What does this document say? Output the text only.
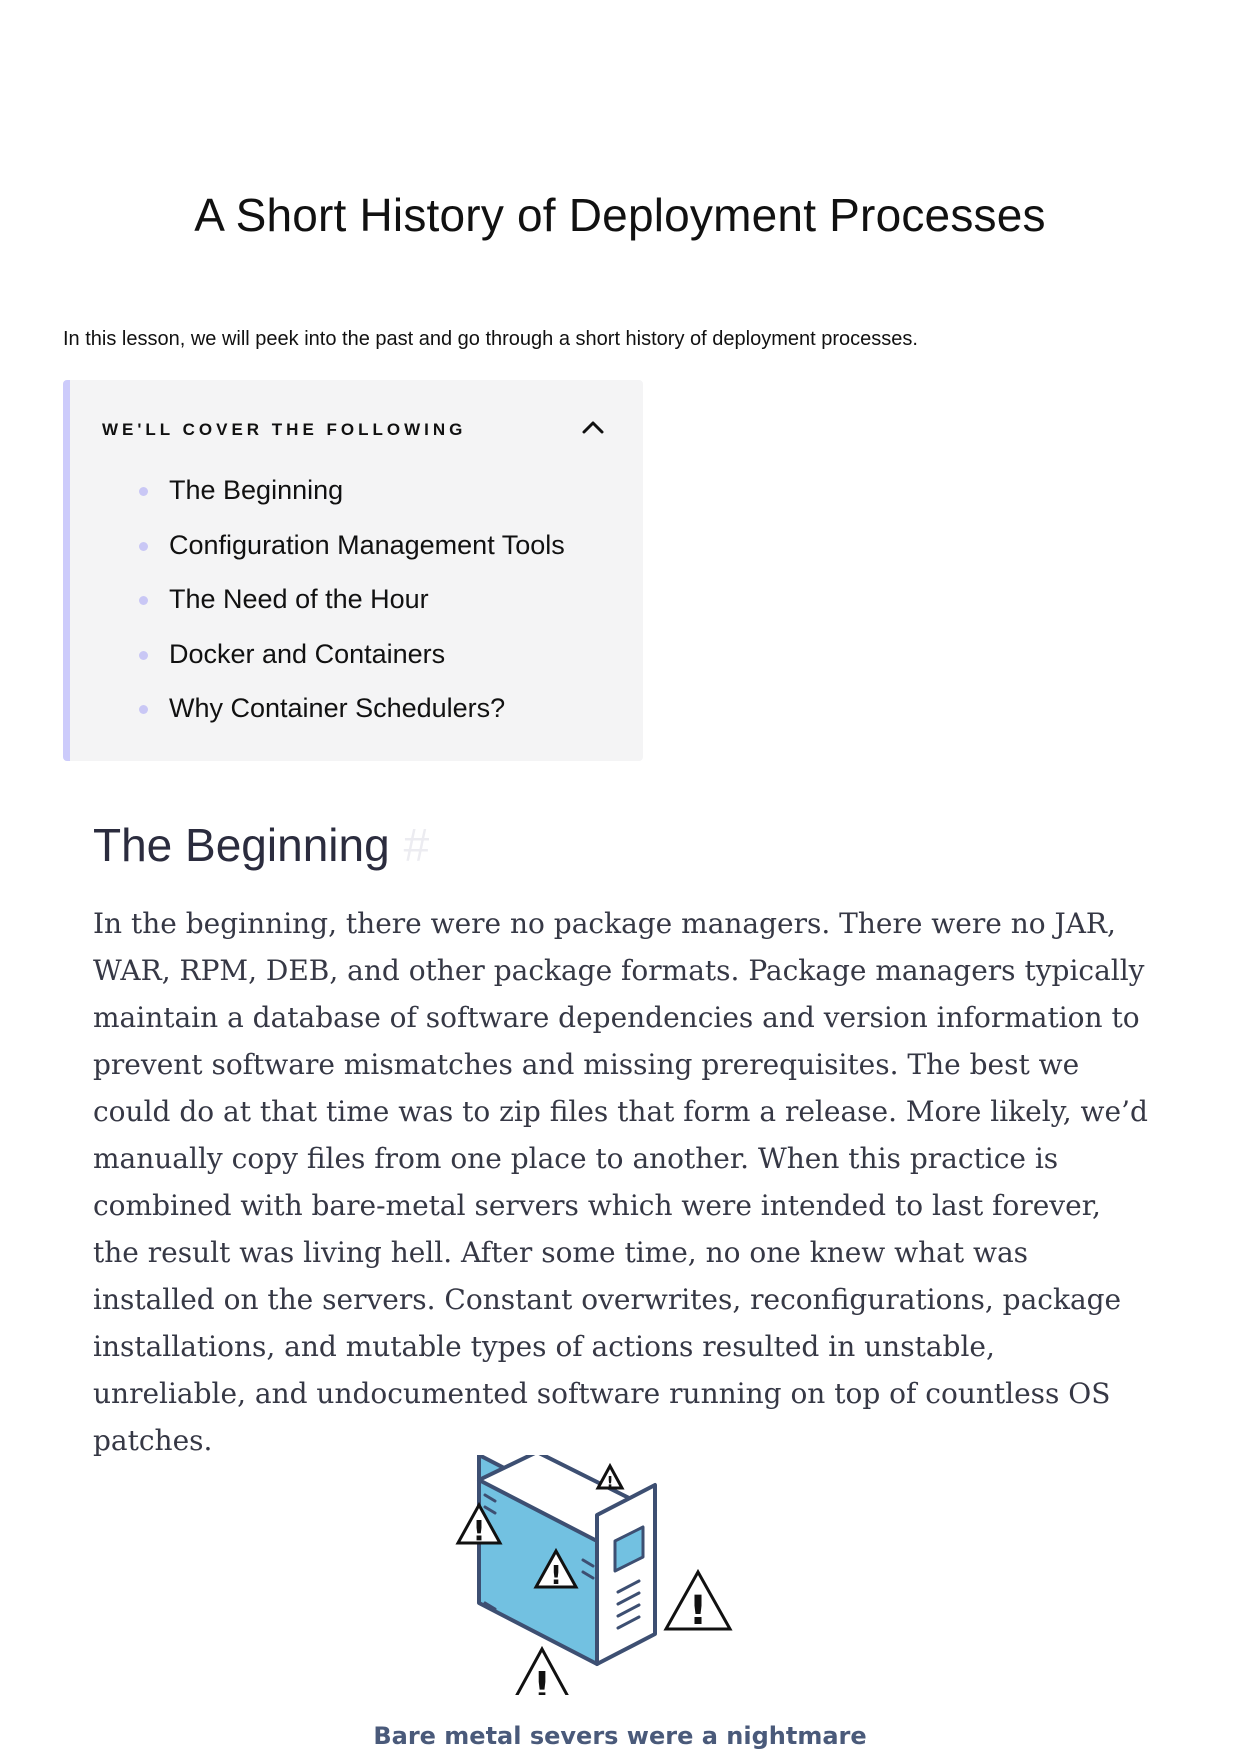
A Short History of Deployment Processes

In this lesson, we will peek into the past and go through a short history of deployment processes.

WE'LL COVER THE FOLLOWING
The Beginning
Configuration Management Tools
The Need of the Hour
Docker and Containers
Why Container Schedulers?
The Beginning #

In the beginning, there were no package managers. There were no JAR, WAR, RPM, DEB, and other package formats. Package managers typically maintain a database of software dependencies and version information to prevent software mismatches and missing prerequisites. The best we could do at that time was to zip files that form a release. More likely, we’d manually copy files from one place to another. When this practice is combined with bare-metal servers which were intended to last forever, the result was living hell. After some time, no one knew what was installed on the servers. Constant overwrites, reconfigurations, package installations, and mutable types of actions resulted in unstable, unreliable, and undocumented software running on top of countless OS patches.

!
!
!
!
!

Bare metal severs were a nightmare
